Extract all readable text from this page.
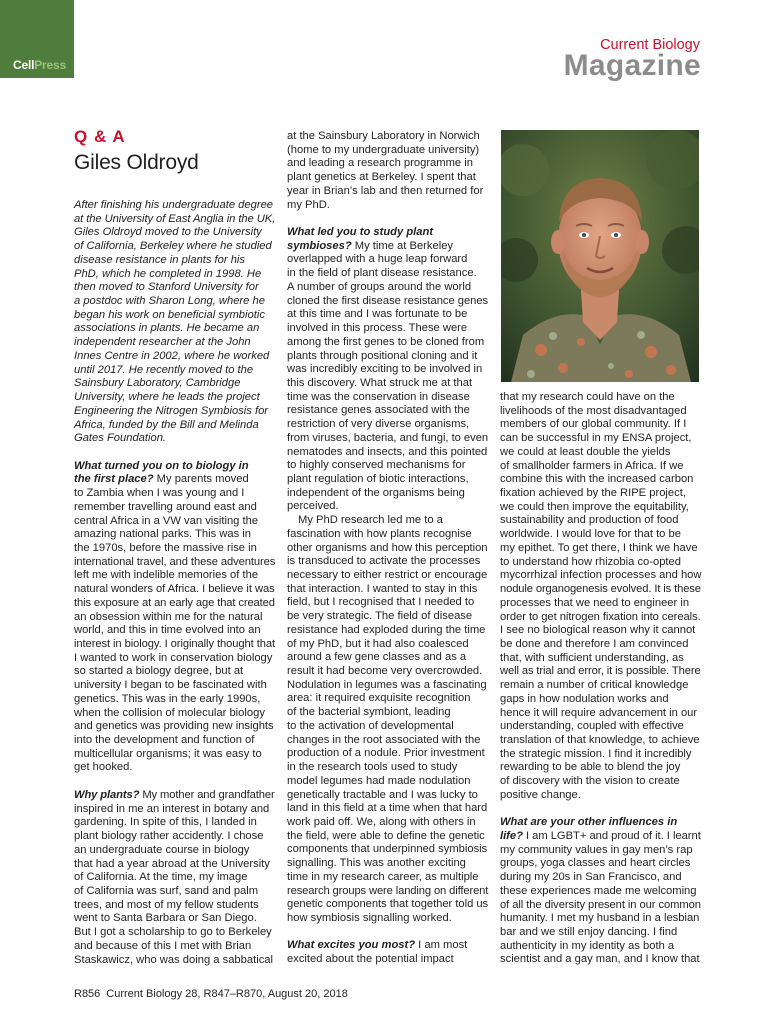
CellPress
Current Biology
Magazine
Q & A
Giles Oldroyd
After finishing his undergraduate degree
at the University of East Anglia in the UK,
Giles Oldroyd moved to the University
of California, Berkeley where he studied
disease resistance in plants for his
PhD, which he completed in 1998. He
then moved to Stanford University for
a postdoc with Sharon Long, where he
began his work on beneficial symbiotic
associations in plants. He became an
independent researcher at the John
Innes Centre in 2002, where he worked
until 2017. He recently moved to the
Sainsbury Laboratory, Cambridge
University, where he leads the project
Engineering the Nitrogen Symbiosis for
Africa, funded by the Bill and Melinda
Gates Foundation.
What turned you on to biology in
the first place? My parents moved
to Zambia when I was young and I
remember travelling around east and
central Africa in a VW van visiting the
amazing national parks. This was in
the 1970s, before the massive rise in
international travel, and these adventures
left me with indelible memories of the
natural wonders of Africa. I believe it was
this exposure at an early age that created
an obsession within me for the natural
world, and this in time evolved into an
interest in biology. I originally thought that
I wanted to work in conservation biology
so started a biology degree, but at
university I began to be fascinated with
genetics. This was in the early 1990s,
when the collision of molecular biology
and genetics was providing new insights
into the development and function of
multicellular organisms; it was easy to
get hooked.
Why plants? My mother and grandfather
inspired in me an interest in botany and
gardening. In spite of this, I landed in
plant biology rather accidently. I chose
an undergraduate course in biology
that had a year abroad at the University
of California. At the time, my image
of California was surf, sand and palm
trees, and most of my fellow students
went to Santa Barbara or San Diego.
But I got a scholarship to go to Berkeley
and because of this I met with Brian
Staskawicz, who was doing a sabbatical
at the Sainsbury Laboratory in Norwich
(home to my undergraduate university)
and leading a research programme in
plant genetics at Berkeley. I spent that
year in Brian’s lab and then returned for
my PhD.
What led you to study plant
symbioses? My time at Berkeley
overlapped with a huge leap forward
in the field of plant disease resistance.
A number of groups around the world
cloned the first disease resistance genes
at this time and I was fortunate to be
involved in this process. These were
among the first genes to be cloned from
plants through positional cloning and it
was incredibly exciting to be involved in
this discovery. What struck me at that
time was the conservation in disease
resistance genes associated with the
restriction of very diverse organisms,
from viruses, bacteria, and fungi, to even
nematodes and insects, and this pointed
to highly conserved mechanisms for
plant regulation of biotic interactions,
independent of the organisms being
perceived.
My PhD research led me to a
fascination with how plants recognise
other organisms and how this perception
is transduced to activate the processes
necessary to either restrict or encourage
that interaction. I wanted to stay in this
field, but I recognised that I needed to
be very strategic. The field of disease
resistance had exploded during the time
of my PhD, but it had also coalesced
around a few gene classes and as a
result it had become very overcrowded.
Nodulation in legumes was a fascinating
area: it required exquisite recognition
of the bacterial symbiont, leading
to the activation of developmental
changes in the root associated with the
production of a nodule. Prior investment
in the research tools used to study
model legumes had made nodulation
genetically tractable and I was lucky to
land in this field at a time when that hard
work paid off. We, along with others in
the field, were able to define the genetic
components that underpinned symbiosis
signalling. This was another exciting
time in my research career, as multiple
research groups were landing on different
genetic components that together told us
how symbiosis signalling worked.
What excites you most? I am most
excited about the potential impact
that my research could have on the
livelihoods of the most disadvantaged
members of our global community. If I
can be successful in my ENSA project,
we could at least double the yields
of smallholder farmers in Africa. If we
combine this with the increased carbon
fixation achieved by the RIPE project,
we could then improve the equitability,
sustainability and production of food
worldwide. I would love for that to be
my epithet. To get there, I think we have
to understand how rhizobia co-opted
mycorrhizal infection processes and how
nodule organogenesis evolved. It is these
processes that we need to engineer in
order to get nitrogen fixation into cereals.
I see no biological reason why it cannot
be done and therefore I am convinced
that, with sufficient understanding, as
well as trial and error, it is possible. There
remain a number of critical knowledge
gaps in how nodulation works and
hence it will require advancement in our
understanding, coupled with effective
translation of that knowledge, to achieve
the strategic mission. I find it incredibly
rewarding to be able to blend the joy
of discovery with the vision to create
positive change.
What are your other influences in
life? I am LGBT+ and proud of it. I learnt
my community values in gay men’s rap
groups, yoga classes and heart circles
during my 20s in San Francisco, and
these experiences made me welcoming
of all the diversity present in our common
humanity. I met my husband in a lesbian
bar and we still enjoy dancing. I find
authenticity in my identity as both a
scientist and a gay man, and I know that
R856 Current Biology 28, R847–R870, August 20, 2018
